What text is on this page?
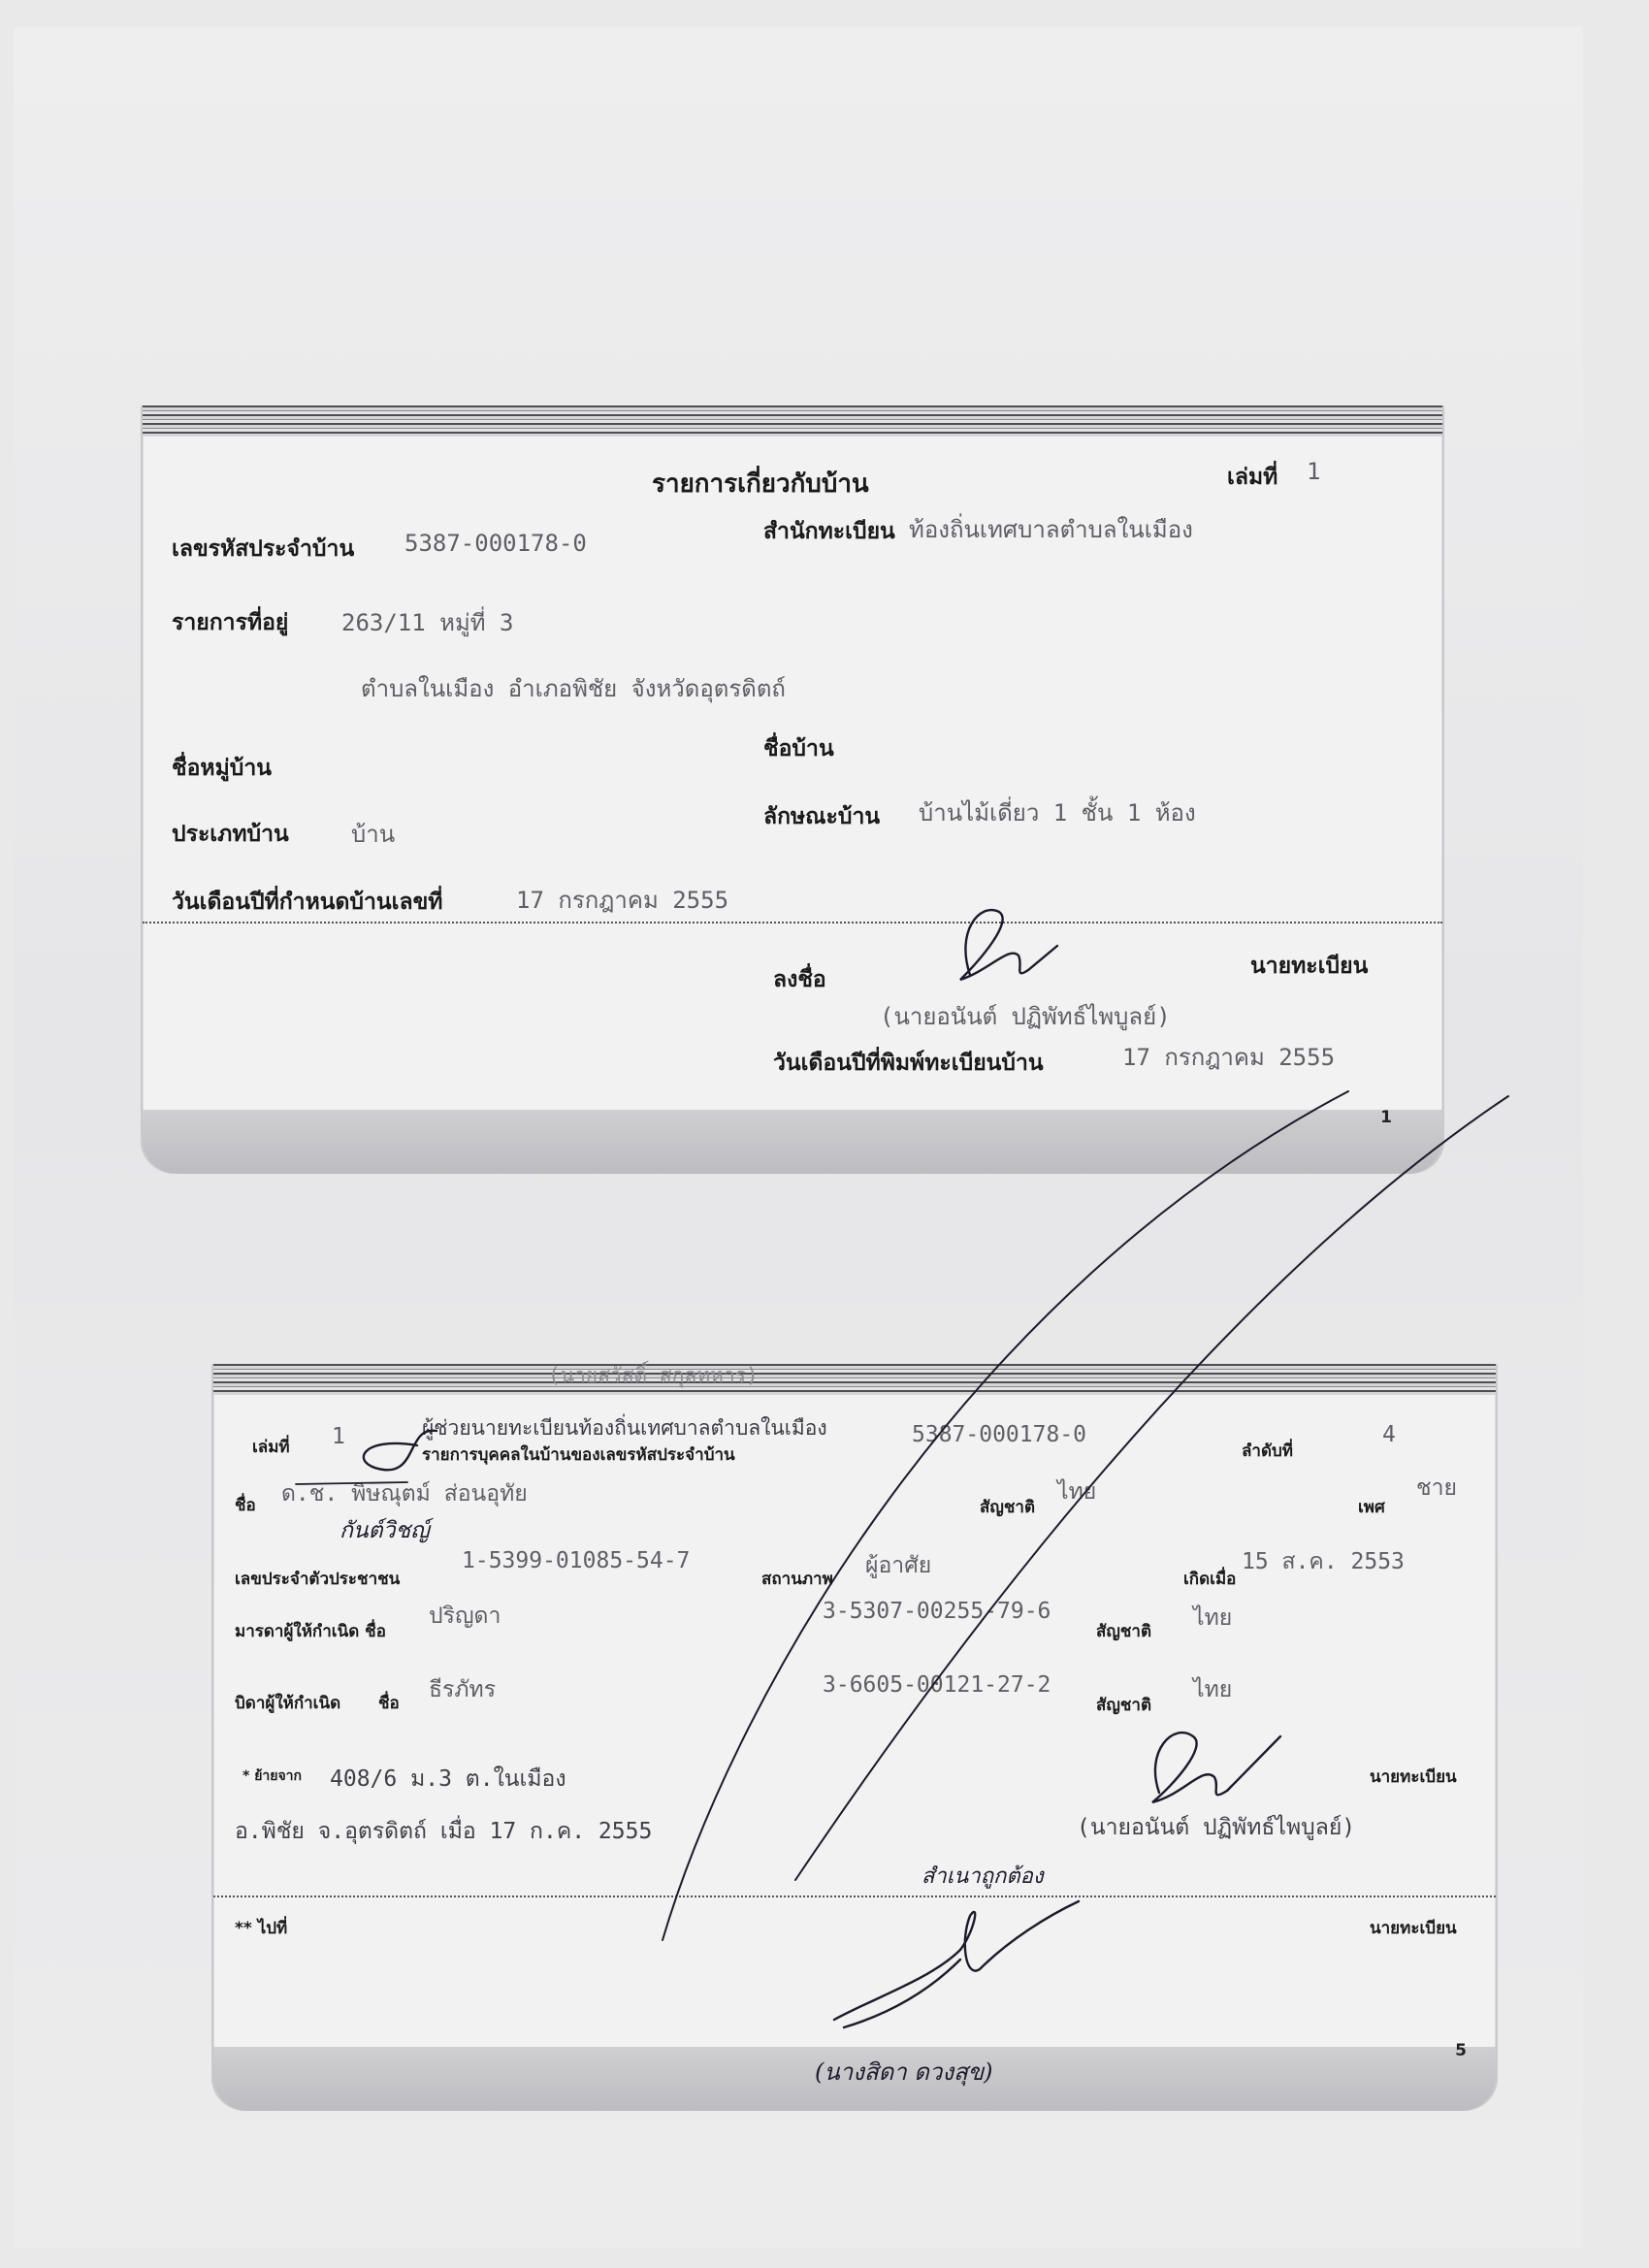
รายการเกี่ยวกับบ้าน	เล่มที่ 1
เลขรหัสประจำบ้าน 5387-000178-0	สำนักทะเบียน ท้องถิ่นเทศบาลตำบลในเมือง
รายการที่อยู่ 263/11 หมู่ที่ 3
ตำบลในเมือง อำเภอพิชัย จังหวัดอุตรดิตถ์
ชื่อบ้าน
ชื่อหมู่บ้าน
ลักษณะบ้าน บ้านไม้เดี่ยว 1 ชั้น 1 ห้อง
ประเภทบ้าน	บ้าน
วันเดือนปีที่กำหนดบ้านเลขที่	17 กรกฎาคม 2555
ลงชื่อ
นายทะเบียน
(นายอนันต์ ปฏิพัทธ์ไพบูลย์)
วันเดือนปีที่พิมพ์ทะเบียนบ้าน	17 กรกฎาคม 2555
1
(นายสวัสดิ์ สกุลทหาร)
เล่มที่ 1	ผู้ช่วยนายทะเบียนท้องถิ่นเทศบาลตำบลในเมือง
รายการบุคคลในบ้านของเลขรหัสประจำบ้าน
5387-000178-0
ลำดับที่
4
ชื่อ ด.ช. พิษณุตม์ ส่อนอุทัย
กันต์วิชญ์
สัญชาติ
ไทย
เพศ
ชาย
เลขประจำตัวประชาชน
1-5399-01085-54-7
สถานภาพ
ผู้อาศัย
เกิดเมื่อ
15 ส.ค. 2553
มารดาผู้ให้กำเนิด ชื่อ
ปริญดา	3-5307-00255-79-6
สัญชาติ
ไทย
บิดาผู้ให้กำเนิด ชื่อ
ธีรภัทร	3-6605-00121-27-2
สัญชาติ
ไทย
* ย้ายจาก 408/6 ม.3 ต.ในเมือง
อ.พิชัย จ.อุตรดิตถ์ เมื่อ 17 ก.ค. 2555
นายทะเบียน
(นายอนันต์ ปฏิพัทธ์ไพบูลย์)
** ไปที่	นายทะเบียน
สำเนาถูกต้อง
(นางสิดา ดวงสุข)
5
